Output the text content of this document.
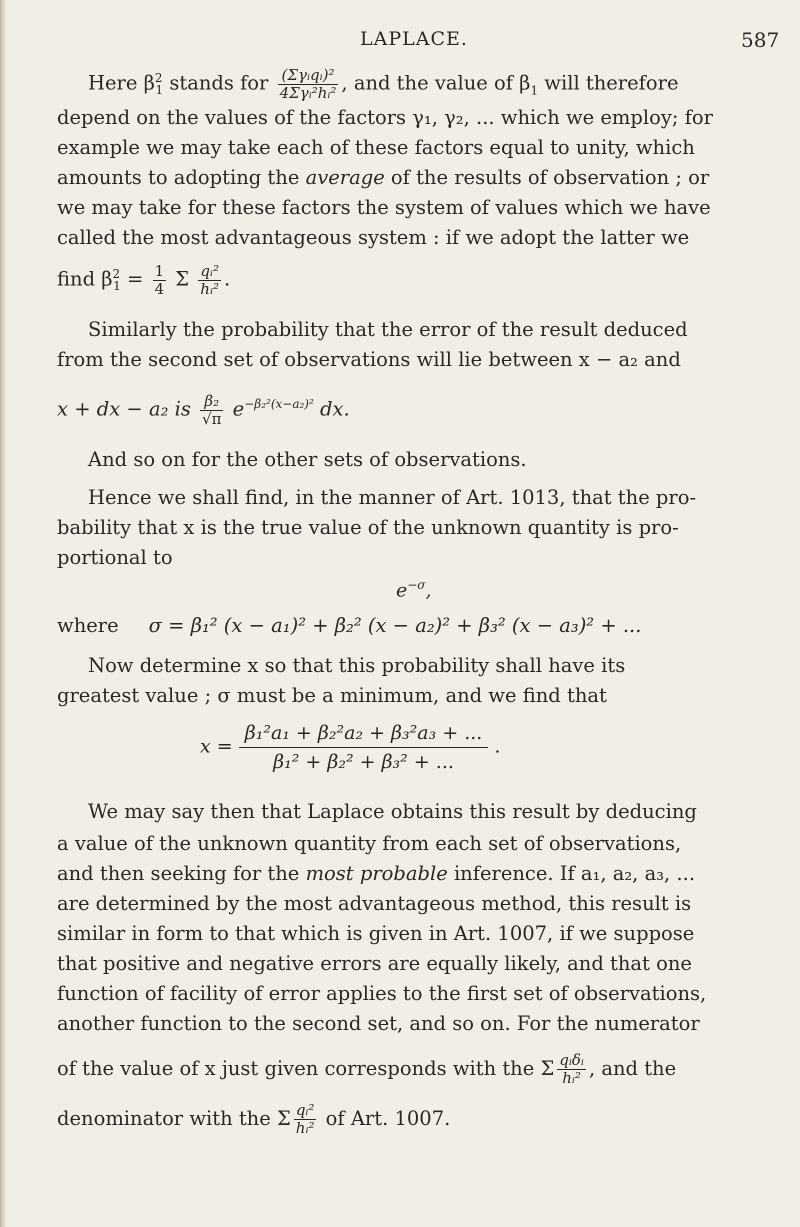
LAPLACE.	587
Here $\beta^2_1$ stands for $\frac{\text{(Σγᵢqᵢ)²}}{\text{4Σγᵢ²hᵢ²}}$ , and the value of $\beta_1$ will therefore
depend on the values of the factors γ₁, γ₂, ... which we employ; for
example we may take each of these factors equal to unity, which
amounts to adopting the average of the results of observation ; or
we may take for these factors the system of values which we have
called the most advantageous system : if we adopt the latter we
find $\beta^2_1 = \frac{1}{4}$ Σ $\frac{\text{qᵢ²}}{\text{hᵢ²}}$ .
Similarly the probability that the error of the result deduced
from the second set of observations will lie between x − a₂ and
x + dx − a₂ is $\frac{\text{β₂}}{√\pi} e^{-\beta_2^2(x-a_2)^2}$ dx.
And so on for the other sets of observations.
Hence we shall find, in the manner of Art. 1013, that the pro-
bability that x is the true value of the unknown quantity is pro-
portional to
$e^{-\sigma}$,
where σ = β₁² (x − a₁)² + β₂² (x − a₂)² + β₃² (x − a₃)² + ...
Now determine x so that this probability shall have its
greatest value ; σ must be a minimum, and we find that
$x = \frac{\text{β₁²a₁ + β₂²a₂ + β₃²a₃ + ...}}{\text{β₁² + β₂² + β₃² + ...}}$ .
We may say then that Laplace obtains this result by deducing
a value of the unknown quantity from each set of observations,
and then seeking for the most probable inference. If a₁, a₂, a₃, ...
are determined by the most advantageous method, this result is
similar in form to that which is given in Art. 1007, if we suppose
that positive and negative errors are equally likely, and that one
function of facility of error applies to the first set of observations,
another function to the second set, and so on. For the numerator
of the value of x just given corresponds with the Σ $\frac{\text{qᵢδᵢ}}{\text{hᵢ²}}$ , and the
denominator with the Σ $\frac{\text{qᵢ²}}{\text{hᵢ²}}$ of Art. 1007.
